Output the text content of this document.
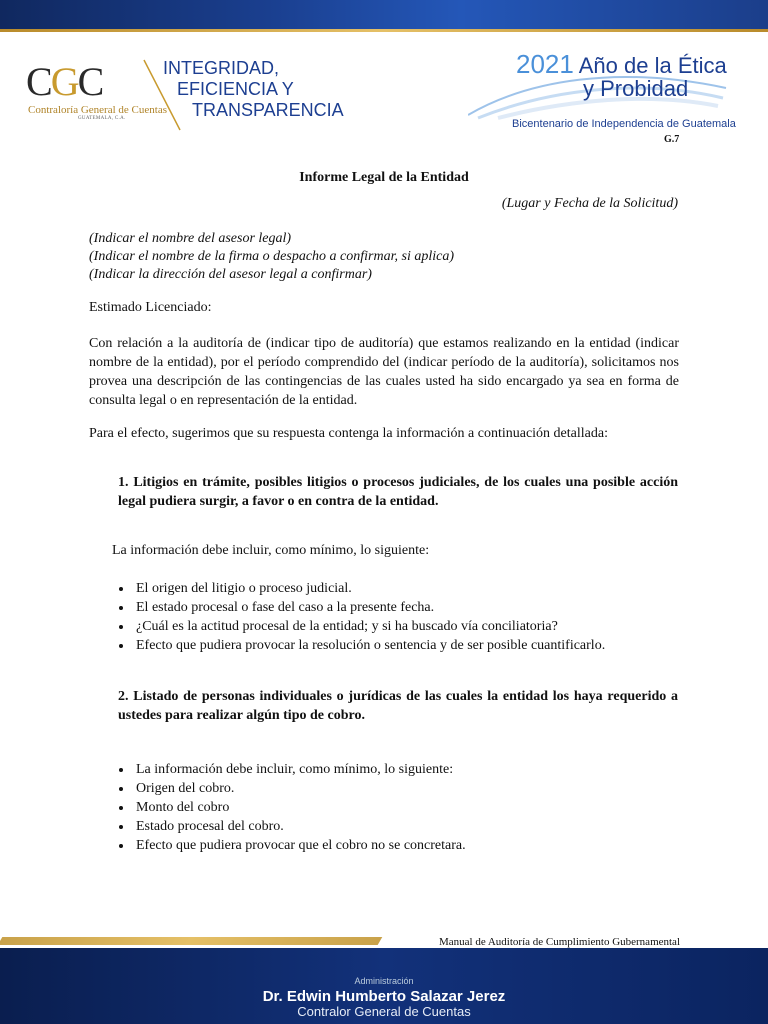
CGC
Contraloría General de Cuentas
GUATEMALA, C.A.
INTEGRIDAD,
EFICIENCIA Y
TRANSPARENCIA
2021 Año de la Ética
y Probidad
Bicentenario de Independencia de Guatemala
G.7
Informe Legal de la Entidad
(Lugar y Fecha de la Solicitud)
(Indicar el nombre del asesor legal)
(Indicar el nombre de la firma o despacho a confirmar, si aplica)
(Indicar la dirección del asesor legal a confirmar)
Estimado Licenciado:
Con relación a la auditoría de (indicar tipo de auditoría) que estamos realizando en la entidad (indicar nombre de la entidad), por el período comprendido del (indicar período de la auditoría), solicitamos nos provea una descripción de las contingencias de las cuales usted ha sido encargado ya sea en forma de consulta legal o en representación de la entidad.
Para el efecto, sugerimos que su respuesta contenga la información a continuación detallada:
1. Litigios en trámite, posibles litigios o procesos judiciales, de los cuales una posible acción legal pudiera surgir, a favor o en contra de la entidad.
La información debe incluir, como mínimo, lo siguiente:
• El origen del litigio o proceso judicial.
• El estado procesal o fase del caso a la presente fecha.
• ¿Cuál es la actitud procesal de la entidad; y si ha buscado vía conciliatoria?
• Efecto que pudiera provocar la resolución o sentencia y de ser posible cuantificarlo.
2. Listado de personas individuales o jurídicas de las cuales la entidad los haya requerido a ustedes para realizar algún tipo de cobro.
• La información debe incluir, como mínimo, lo siguiente:
• Origen del cobro.
• Monto del cobro
• Estado procesal del cobro.
• Efecto que pudiera provocar que el cobro no se concretara.
Manual de Auditoría de Cumplimiento Gubernamental
Administración
Dr. Edwin Humberto Salazar Jerez
Contralor General de Cuentas
